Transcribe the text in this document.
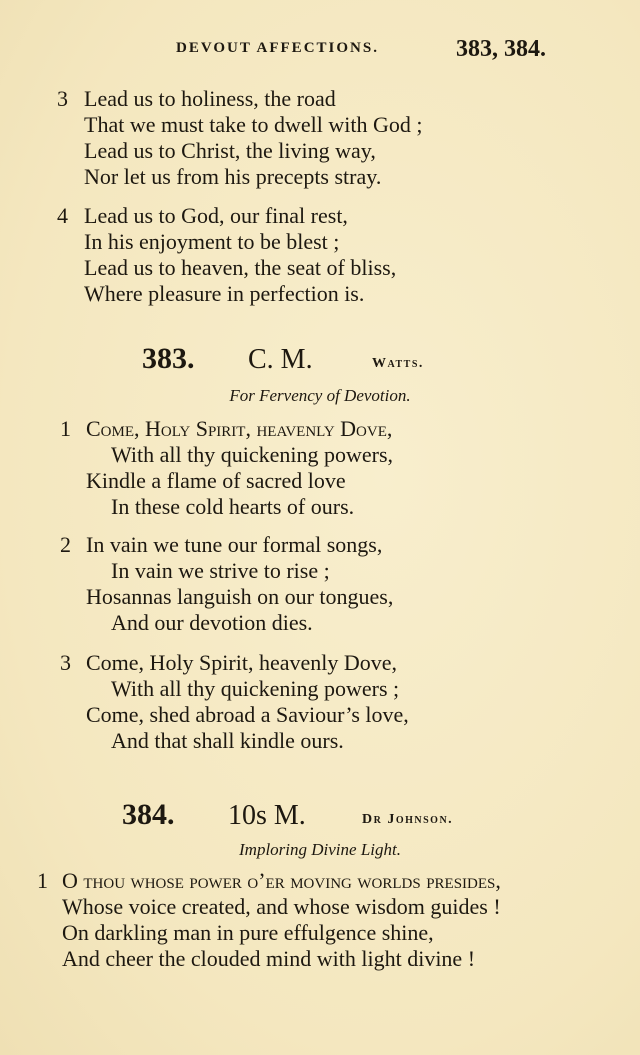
DEVOUT AFFECTIONS.	383, 384.
3 Lead us to holiness, the road
That we must take to dwell with God ;
Lead us to Christ, the living way,
Nor let us from his precepts stray.
4 Lead us to God, our final rest,
In his enjoyment to be blest ;
Lead us to heaven, the seat of bliss,
Where pleasure in perfection is.
383. C. M.	Watts.
For Fervency of Devotion.
1 Come, Holy Spirit, heavenly Dove,
With all thy quickening powers,
Kindle a flame of sacred love
In these cold hearts of ours.
2 In vain we tune our formal songs,
In vain we strive to rise ;
Hosannas languish on our tongues,
And our devotion dies.
3 Come, Holy Spirit, heavenly Dove,
With all thy quickening powers ;
Come, shed abroad a Saviour’s love,
And that shall kindle ours.
384. 10s M.	Dr Johnson.
Imploring Divine Light.
1 O thou whose power o’er moving worlds presides,
Whose voice created, and whose wisdom guides !
On darkling man in pure effulgence shine,
And cheer the clouded mind with light divine !
